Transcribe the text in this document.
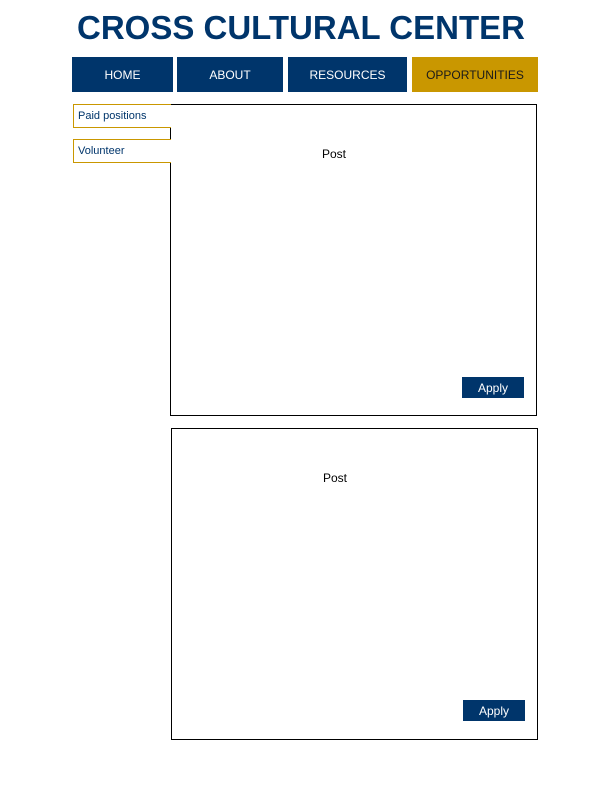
CROSS CULTURAL CENTER
HOME	ABOUT	RESOURCES	OPPORTUNITIES
Paid positions
Volunteer	Post
Apply
Post
Apply
